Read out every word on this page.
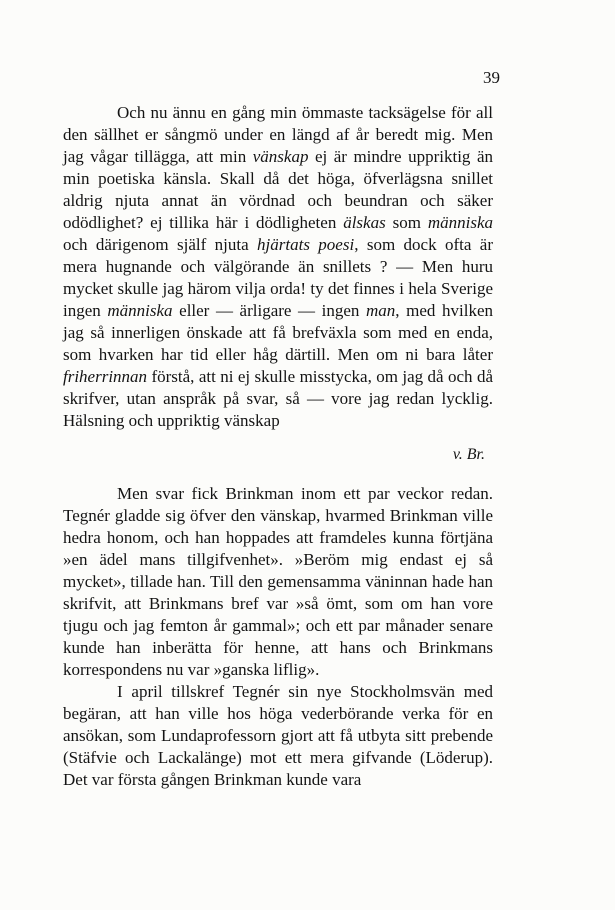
39

Och nu ännu en gång min ömmaste tacksägelse för all den sällhet er sångmö under en längd af år beredt mig. Men jag vågar tillägga, att min vänskap ej är mindre uppriktig än min poetiska känsla. Skall då det höga, öfverlägsna snillet aldrig njuta annat än vördnad och beundran och säker odödlighet? ej tillika här i dödligheten älskas som människa och därigenom själf njuta hjärtats poesi, som dock ofta är mera hugnande och välgörande än snillets ? — Men huru mycket skulle jag härom vilja orda! ty det finnes i hela Sverige ingen människa eller — ärligare — ingen man, med hvilken jag så innerligen önskade att få brefväxla som med en enda, som hvarken har tid eller håg därtill. Men om ni bara låter friherrinnan förstå, att ni ej skulle misstycka, om jag då och då skrifver, utan anspråk på svar, så — vore jag redan lycklig. Hälsning och uppriktig vänskap

v. Br.

Men svar fick Brinkman inom ett par veckor redan. Tegnér gladde sig öfver den vänskap, hvarmed Brinkman ville hedra honom, och han hoppades att framdeles kunna förtjäna »en ädel mans tillgifvenhet». »Beröm mig endast ej så mycket», tillade han. Till den gemensamma väninnan hade han skrifvit, att Brinkmans bref var »så ömt, som om han vore tjugu och jag femton år gammal»; och ett par månader senare kunde han inberätta för henne, att hans och Brinkmans korrespondens nu var »ganska liflig».

I april tillskref Tegnér sin nye Stockholmsvän med begäran, att han ville hos höga vederbörande verka för en ansökan, som Lundaprofessorn gjort att få utbyta sitt prebende (Stäfvie och Lackalänge) mot ett mera gifvande (Löderup). Det var första gången Brinkman kunde vara
